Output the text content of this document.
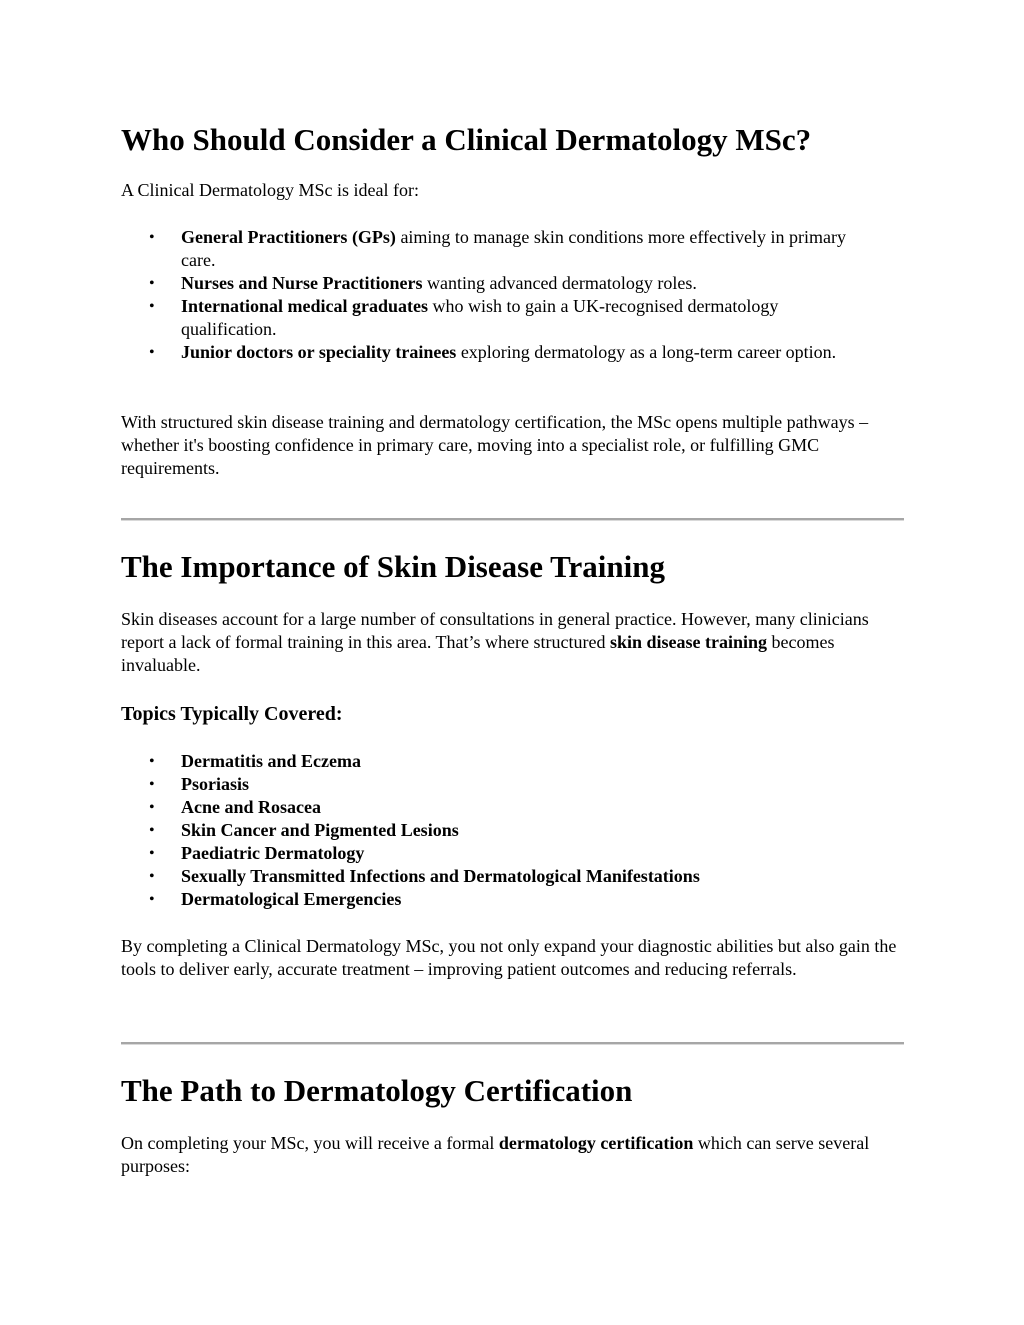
Who Should Consider a Clinical Dermatology MSc?

A Clinical Dermatology MSc is ideal for:

• General Practitioners (GPs) aiming to manage skin conditions more effectively in primary care.
• Nurses and Nurse Practitioners wanting advanced dermatology roles.
• International medical graduates who wish to gain a UK-recognised dermatology qualification.
• Junior doctors or speciality trainees exploring dermatology as a long-term career option.

With structured skin disease training and dermatology certification, the MSc opens multiple pathways – whether it's boosting confidence in primary care, moving into a specialist role, or fulfilling GMC requirements.

The Importance of Skin Disease Training

Skin diseases account for a large number of consultations in general practice. However, many clinicians report a lack of formal training in this area. That’s where structured skin disease training becomes invaluable.

Topics Typically Covered:
• Dermatitis and Eczema
• Psoriasis
• Acne and Rosacea
• Skin Cancer and Pigmented Lesions
• Paediatric Dermatology
• Sexually Transmitted Infections and Dermatological Manifestations
• Dermatological Emergencies

By completing a Clinical Dermatology MSc, you not only expand your diagnostic abilities but also gain the tools to deliver early, accurate treatment – improving patient outcomes and reducing referrals.

The Path to Dermatology Certification

On completing your MSc, you will receive a formal dermatology certification which can serve several purposes:
